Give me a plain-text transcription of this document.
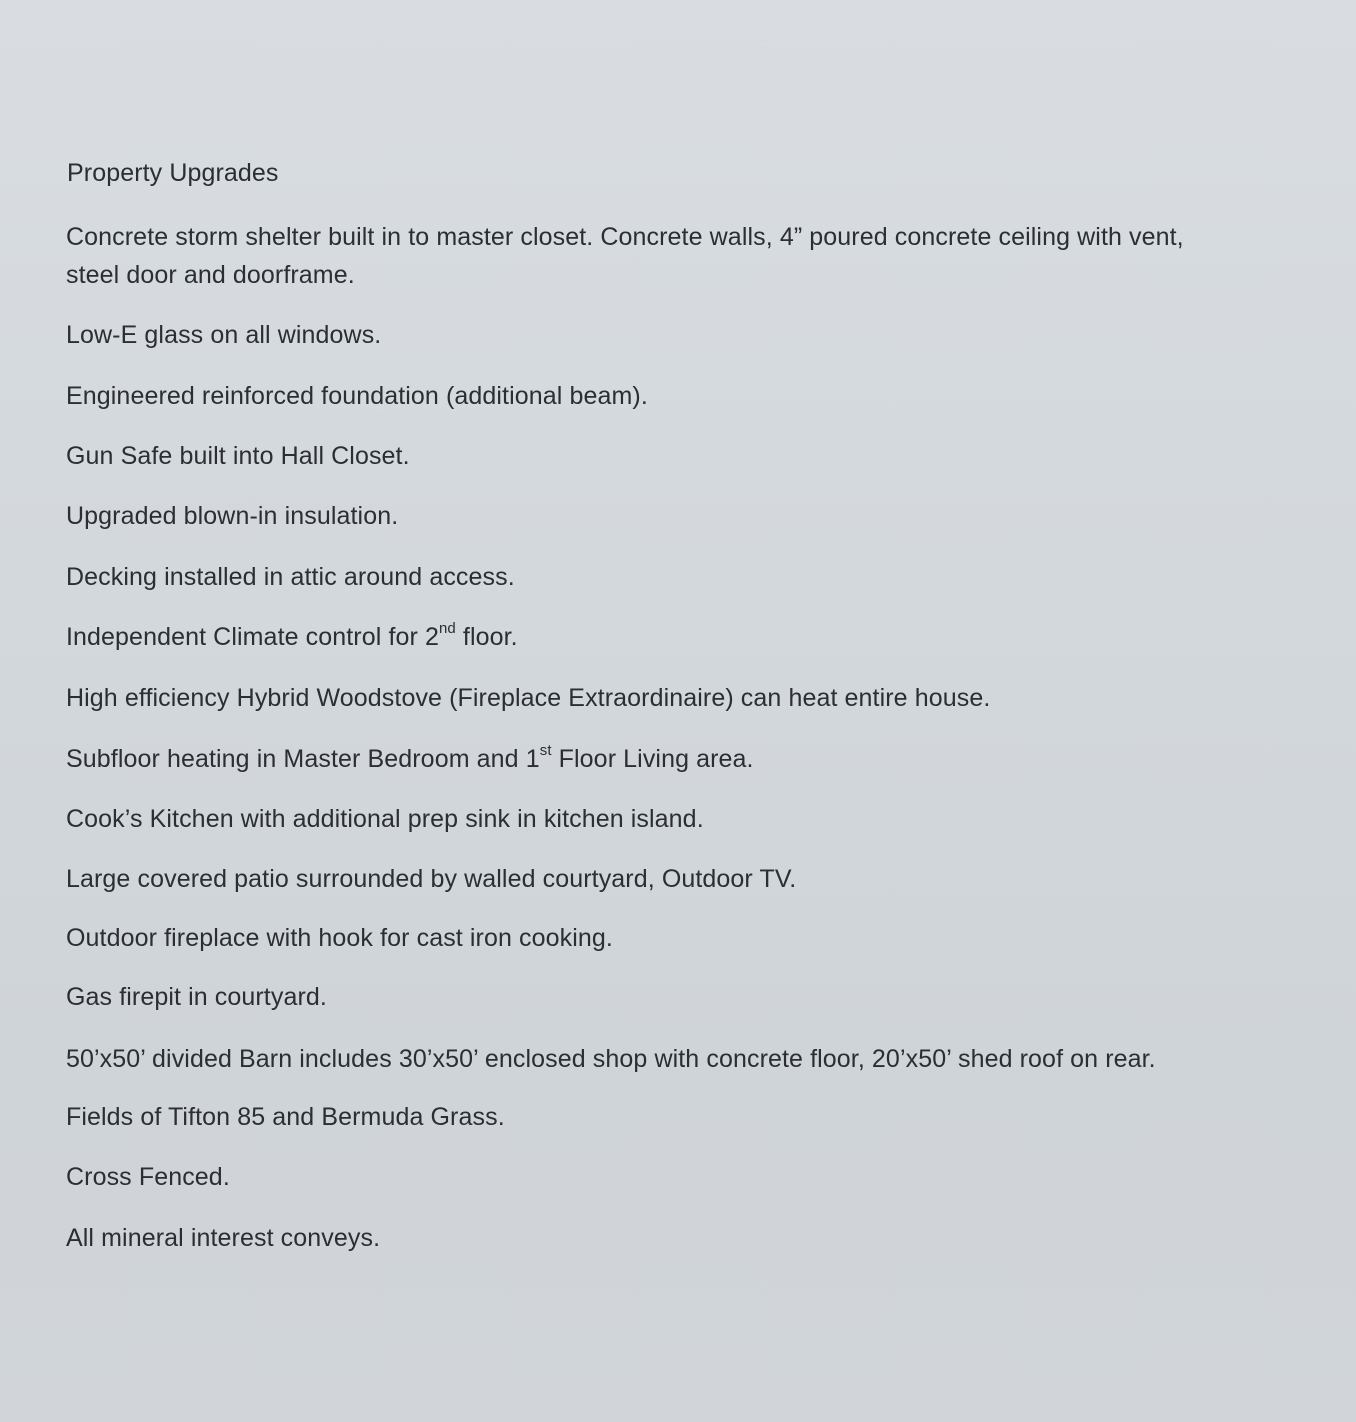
Property Upgrades
Concrete storm shelter built in to master closet. Concrete walls, 4” poured concrete ceiling with vent,
steel door and doorframe.
Low-E glass on all windows.
Engineered reinforced foundation (additional beam).
Gun Safe built into Hall Closet.
Upgraded blown-in insulation.
Decking installed in attic around access.
Independent Climate control for 2nd floor.
High efficiency Hybrid Woodstove (Fireplace Extraordinaire) can heat entire house.
Subfloor heating in Master Bedroom and 1st Floor Living area.
Cook’s Kitchen with additional prep sink in kitchen island.
Large covered patio surrounded by walled courtyard, Outdoor TV.
Outdoor fireplace with hook for cast iron cooking.
Gas firepit in courtyard.
50’x50’ divided Barn includes 30’x50’ enclosed shop with concrete floor, 20’x50’ shed roof on rear.
Fields of Tifton 85 and Bermuda Grass.
Cross Fenced.
All mineral interest conveys.
